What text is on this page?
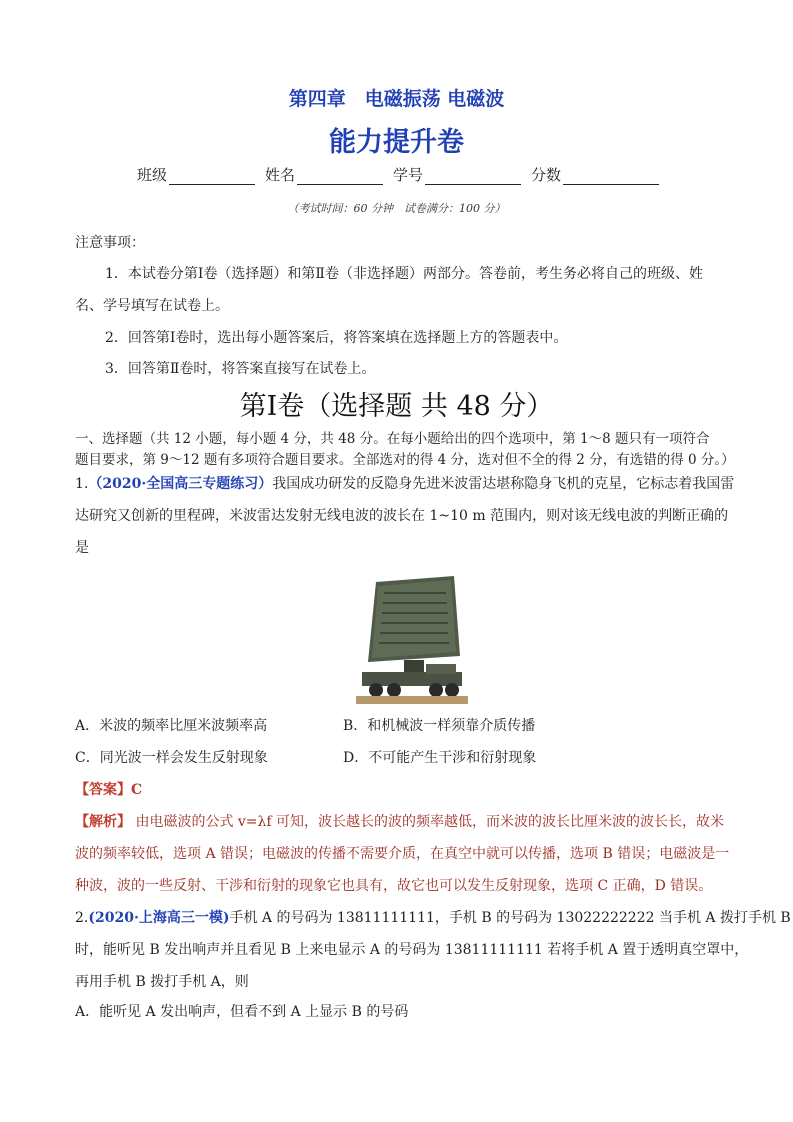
第四章　电磁振荡 电磁波
能力提升卷
班级	姓名	学号	分数
（考试时间：60 分钟　试卷满分：100 分）
注意事项：
1．本试卷分第Ⅰ卷（选择题）和第Ⅱ卷（非选择题）两部分。答卷前，考生务必将自己的班级、姓
名、学号填写在试卷上。
2．回答第Ⅰ卷时，选出每小题答案后，将答案填在选择题上方的答题表中。
3．回答第Ⅱ卷时，将答案直接写在试卷上。
第Ⅰ卷（选择题 共 48 分）
一、选择题（共 12 小题，每小题 4 分，共 48 分。在每小题给出的四个选项中，第 1～8 题只有一项符合
题目要求，第 9～12 题有多项符合题目要求。全部选对的得 4 分，选对但不全的得 2 分，有选错的得 0 分。）
1.（2020·全国高三专题练习）我国成功研发的反隐身先进米波雷达堪称隐身飞机的克星，它标志着我国雷
达研究又创新的里程碑，米波雷达发射无线电波的波长在 1~10 m 范围内，则对该无线电波的判断正确的
是
A．米波的频率比厘米波频率高	B．和机械波一样须靠介质传播
C．同光波一样会发生反射现象	D．不可能产生干涉和衍射现象
【答案】C
【解析】 由电磁波的公式 v=λf 可知，波长越长的波的频率越低，而米波的波长比厘米波的波长长，故米
波的频率较低，选项 A 错误；电磁波的传播不需要介质，在真空中就可以传播，选项 B 错误；电磁波是一
种波，波的一些反射、干涉和衍射的现象它也具有，故它也可以发生反射现象，选项 C 正确，D 错误。
2.(2020·上海高三一模)手机 A 的号码为 13811111111，手机 B 的号码为 13022222222 当手机 A 拨打手机 B
时，能听见 B 发出响声并且看见 B 上来电显示 A 的号码为 13811111111 若将手机 A 置于透明真空罩中，
再用手机 B 拨打手机 A，则
A．能听见 A 发出响声，但看不到 A 上显示 B 的号码
